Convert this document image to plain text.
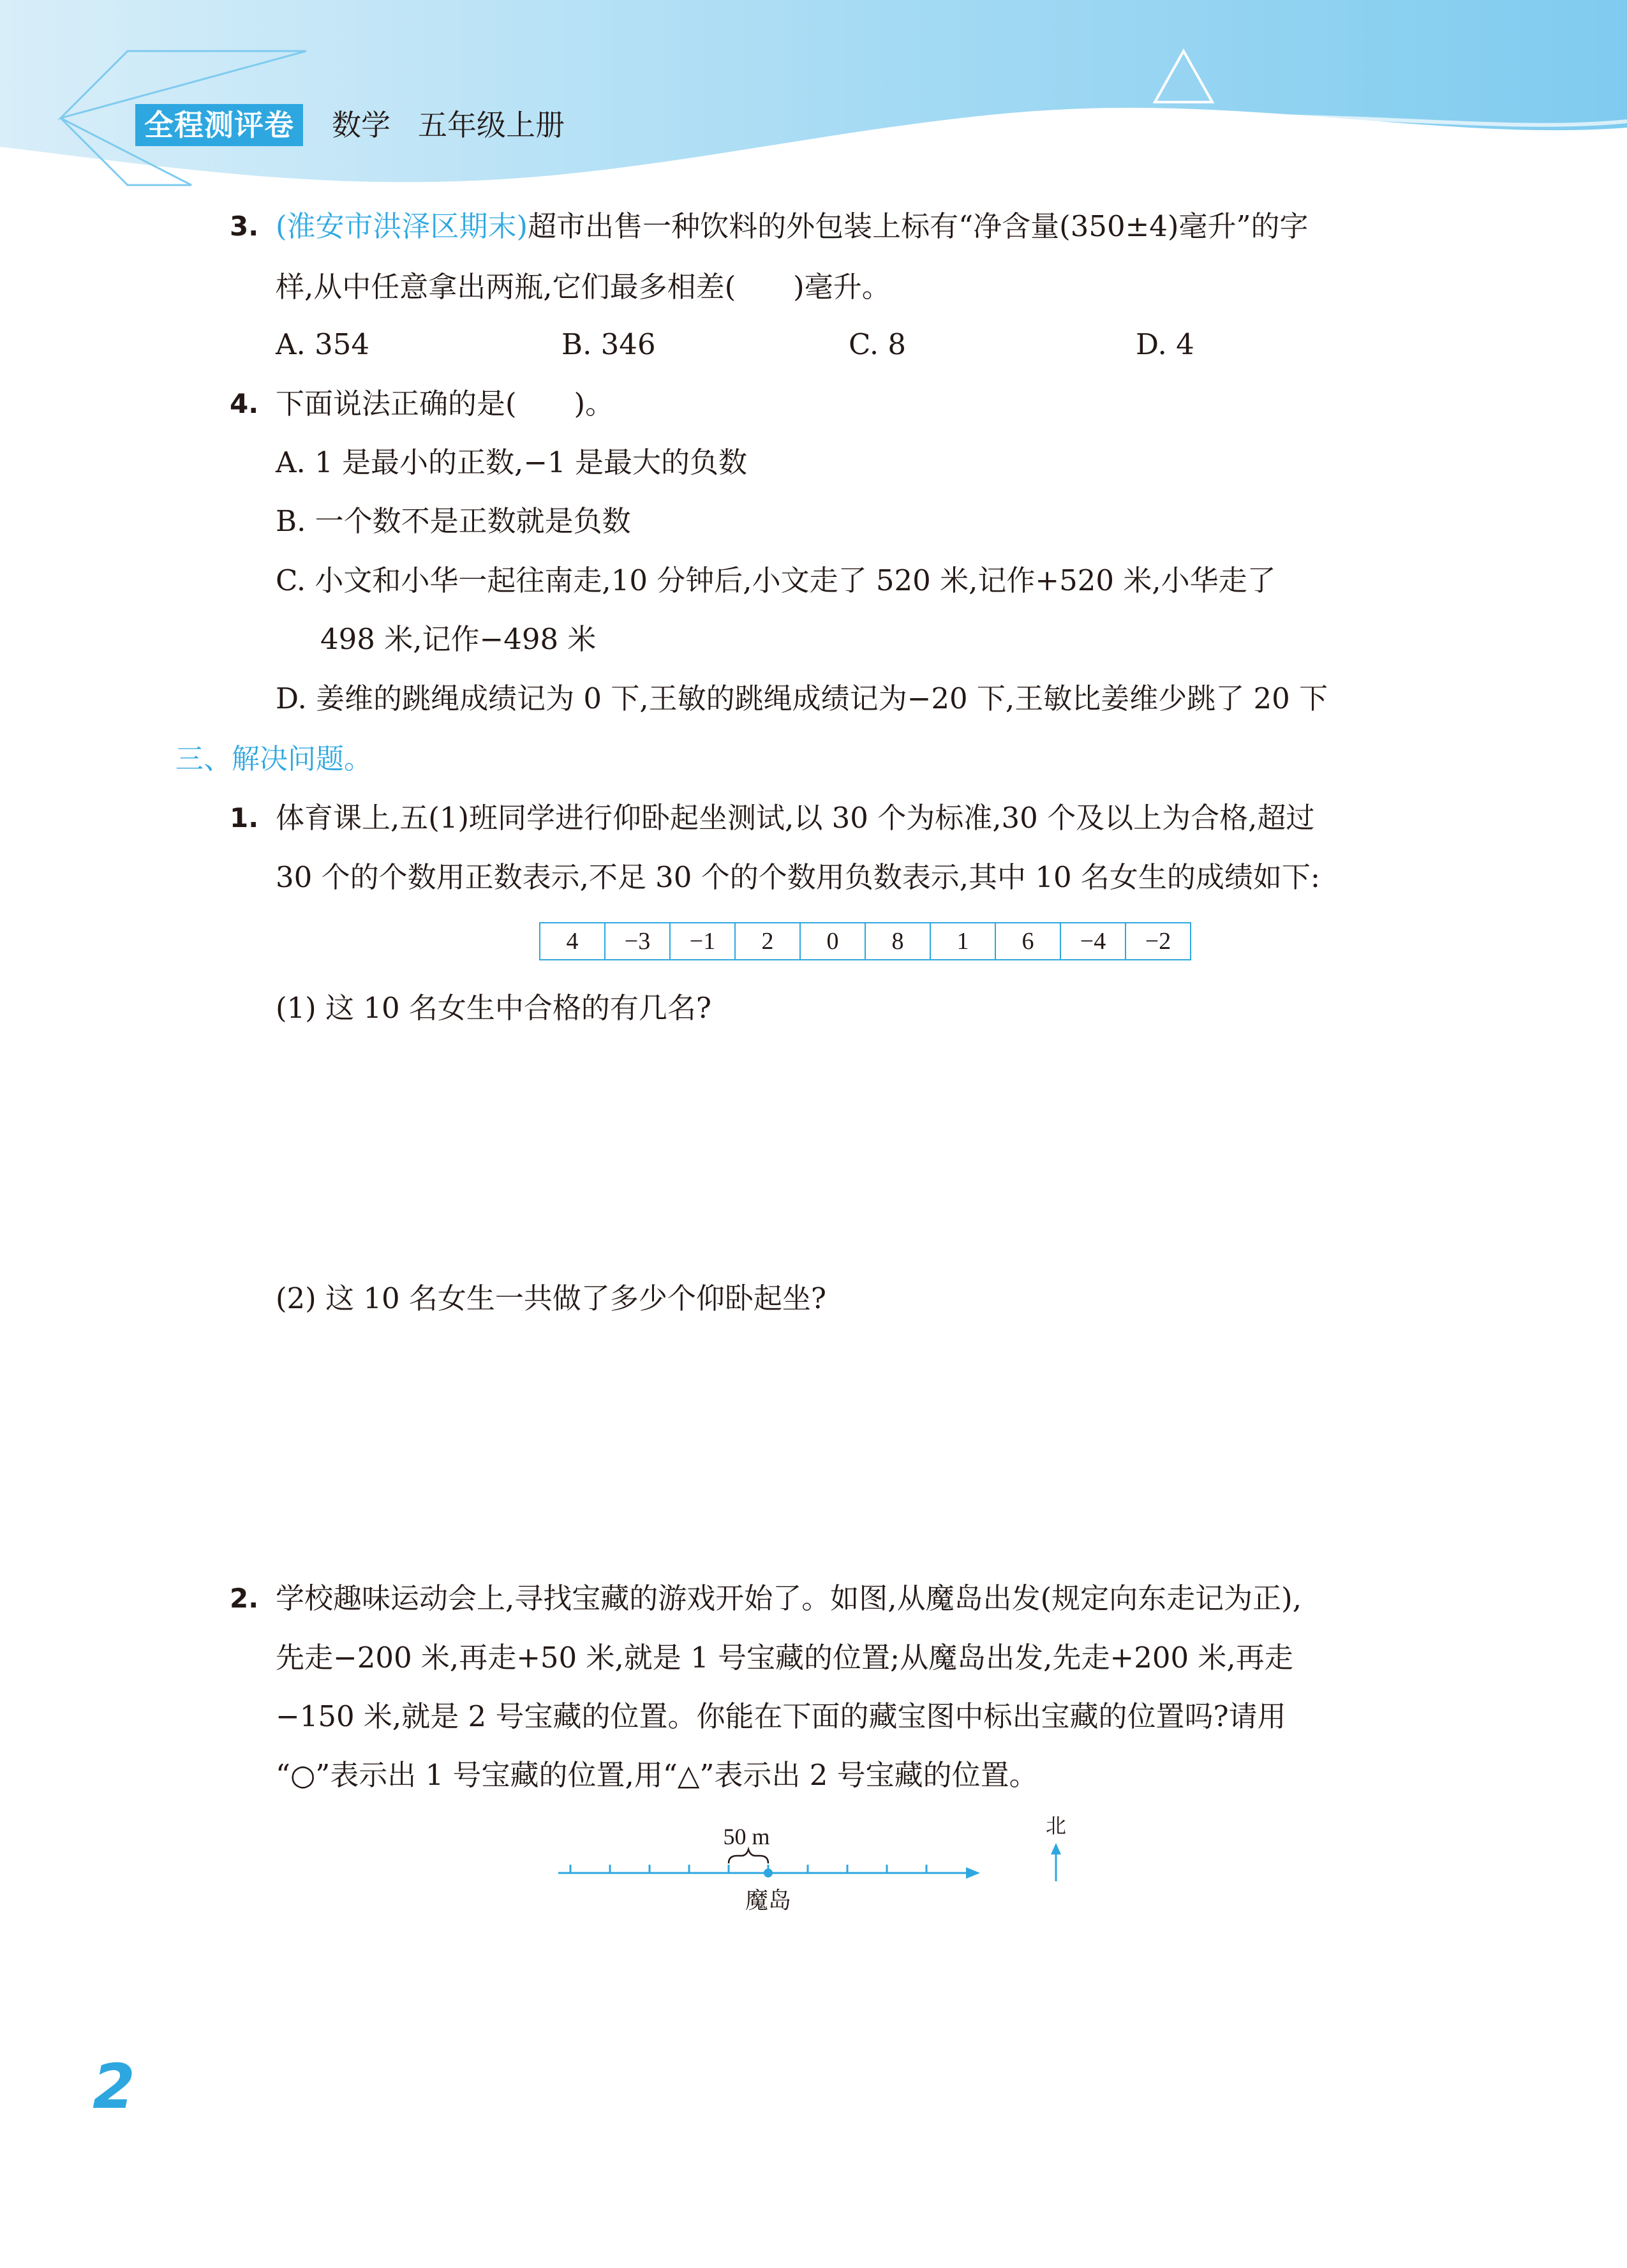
全程测评卷	数学 五年级上册
3. (淮安市洪泽区期末)超市出售一种饮料的外包装上标有“净含量(350±4)毫升”的字
样,从中任意拿出两瓶,它们最多相差(　　)毫升。
A. 354	B. 346	C. 8	D. 4
4. 下面说法正确的是(　　)。
A. 1 是最小的正数,−1 是最大的负数
B. 一个数不是正数就是负数
C. 小文和小华一起往南走,10 分钟后,小文走了 520 米,记作+520 米,小华走了
498 米,记作−498 米
D. 姜维的跳绳成绩记为 0 下,王敏的跳绳成绩记为−20 下,王敏比姜维少跳了 20 下
三、解决问题。
1. 体育课上,五(1)班同学进行仰卧起坐测试,以 30 个为标准,30 个及以上为合格,超过
30 个的个数用正数表示,不足 30 个的个数用负数表示,其中 10 名女生的成绩如下:
4	−3	−1	2	0	8	1	6	−4	−2
(1) 这 10 名女生中合格的有几名?
(2) 这 10 名女生一共做了多少个仰卧起坐?
2. 学校趣味运动会上,寻找宝藏的游戏开始了。如图,从魔岛出发(规定向东走记为正),
先走−200 米,再走+50 米,就是 1 号宝藏的位置;从魔岛出发,先走+200 米,再走
−150 米,就是 2 号宝藏的位置。你能在下面的藏宝图中标出宝藏的位置吗?请用
“○”表示出 1 号宝藏的位置,用“△”表示出 2 号宝藏的位置。
50 m
魔岛
北
2
